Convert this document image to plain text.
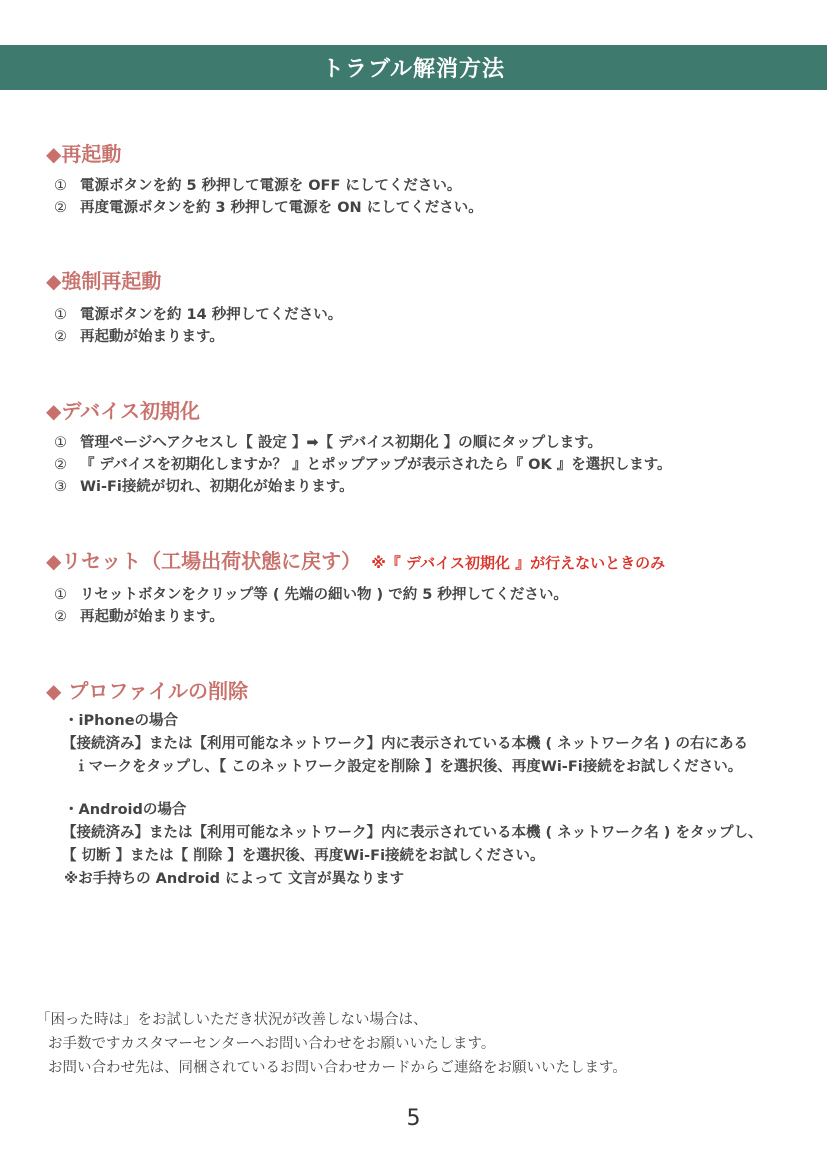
トラブル解消方法
◆再起動
① 電源ボタンを約 5 秒押して電源を OFF にしてください。
② 再度電源ボタンを約 3 秒押して電源を ON にしてください。
◆強制再起動
① 電源ボタンを約 14 秒押してください。
② 再起動が始まります。
◆デバイス初期化
① 管理ページへアクセスし【 設定 】➡【 デバイス初期化 】の順にタップします。
② 『 デバイスを初期化しますか？ 』とポップアップが表示されたら『 OK 』を選択します。
③ Wi-Fi接続が切れ、初期化が始まります。
◆リセット（工場出荷状態に戻す） ※『 デバイス初期化 』が行えないときのみ
① リセットボタンをクリップ等 ( 先端の細い物 ) で約 5 秒押してください。
② 再起動が始まります。
◆ プロファイルの削除
・iPhoneの場合
【接続済み】または【利用可能なネットワーク】内に表示されている本機 ( ネットワーク名 ) の右にある
ｉマークをタップし、【 このネットワーク設定を削除 】を選択後、再度Wi-Fi接続をお試しください。
・Androidの場合
【接続済み】または【利用可能なネットワーク】内に表示されている本機 ( ネットワーク名 ) をタップし、
【 切断 】または【 削除 】を選択後、再度Wi-Fi接続をお試しください。
※お手持ちの Android によって 文言が異なります
「困った時は」をお試しいただき状況が改善しない場合は、
お手数ですカスタマーセンターへお問い合わせをお願いいたします。
お問い合わせ先は、同梱されているお問い合わせカードからご連絡をお願いいたします。
5
